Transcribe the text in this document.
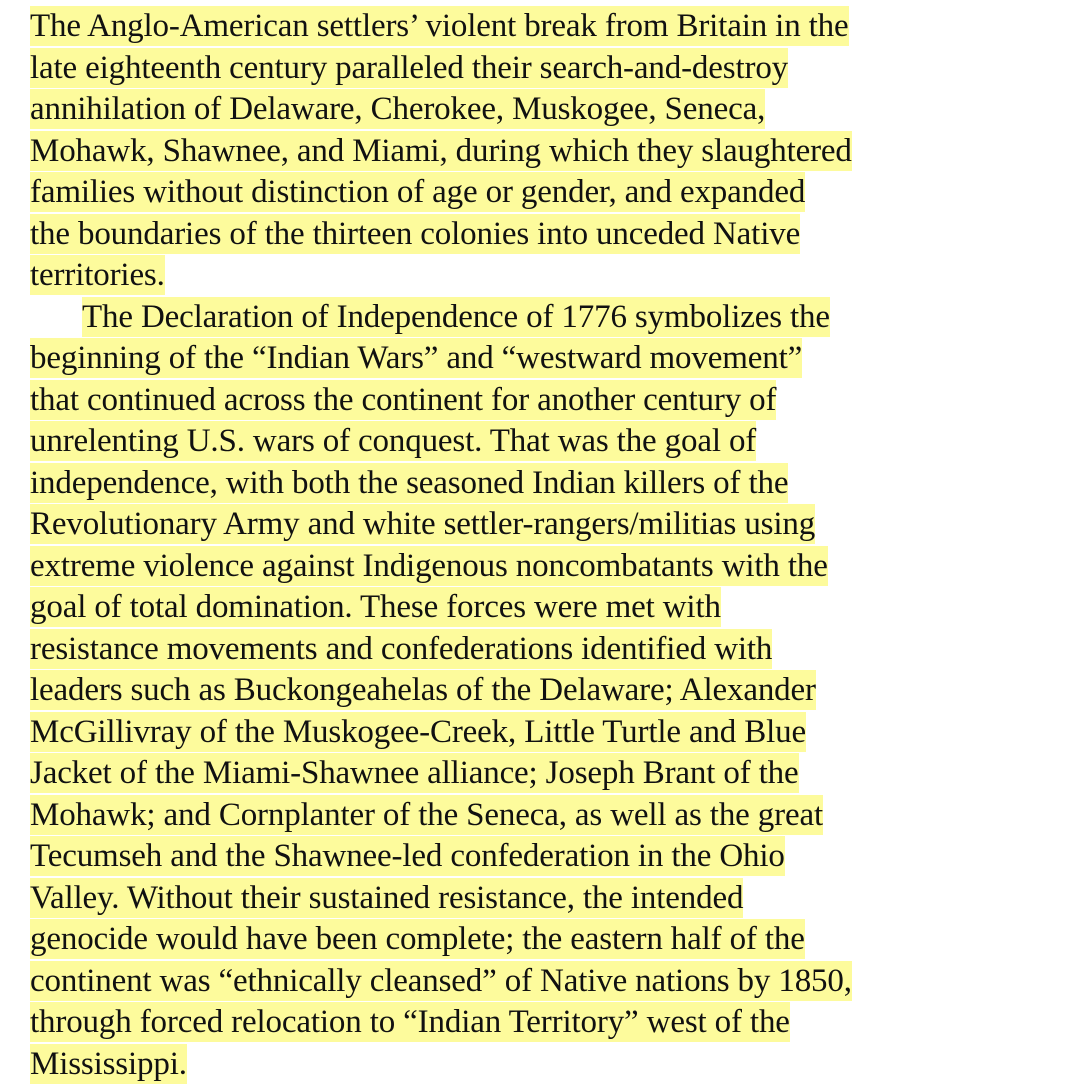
The Anglo-American settlers’ violent break from Britain in the
late eighteenth century paralleled their search-and-destroy
annihilation of Delaware, Cherokee, Muskogee, Seneca,
Mohawk, Shawnee, and Miami, during which they slaughtered
families without distinction of age or gender, and expanded
the boundaries of the thirteen colonies into unceded Native
territories.
The Declaration of Independence of 1776 symbolizes the
beginning of the “Indian Wars” and “westward movement”
that continued across the continent for another century of
unrelenting U.S. wars of conquest. That was the goal of
independence, with both the seasoned Indian killers of the
Revolutionary Army and white settler-rangers/militias using
extreme violence against Indigenous noncombatants with the
goal of total domination. These forces were met with
resistance movements and confederations identified with
leaders such as Buckongeahelas of the Delaware; Alexander
McGillivray of the Muskogee-Creek, Little Turtle and Blue
Jacket of the Miami-Shawnee alliance; Joseph Brant of the
Mohawk; and Cornplanter of the Seneca, as well as the great
Tecumseh and the Shawnee-led confederation in the Ohio
Valley. Without their sustained resistance, the intended
genocide would have been complete; the eastern half of the
continent was “ethnically cleansed” of Native nations by 1850,
through forced relocation to “Indian Territory” west of the
Mississippi.
